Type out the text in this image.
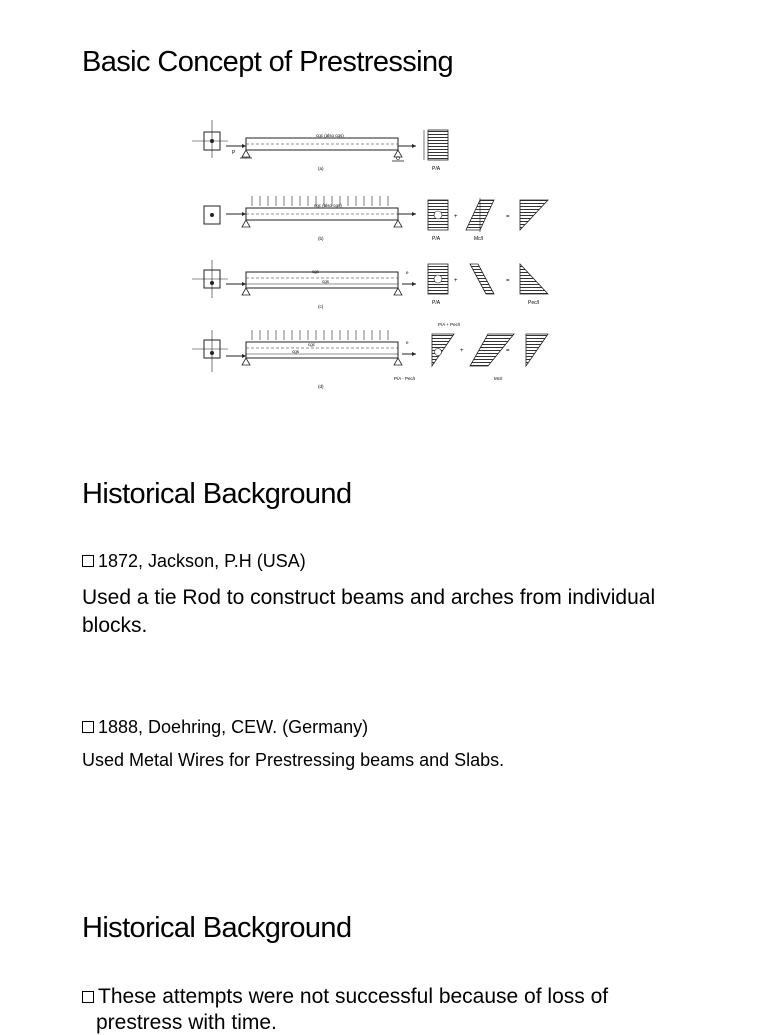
Basic Concept of Prestressing
P
cgc (also cgs)
P/A
(a)
cgc (also cgs)
+	=
P/A	Mc/I
(b)
cgc
cgs
e
+	=
P/A	Pec/I
(c)
cgc
cgs
e
+	=
P/A + Pec/I
P/A - Pec/I	Mc/I
(d)
Historical Background

1872, Jackson, P.H (USA)

Used a tie Rod to construct beams and arches from individual blocks.

1888, Doehring, CEW. (Germany)

Used Metal Wires for Prestressing beams and Slabs.

Historical Background

These attempts were not successful because of loss of

prestress with time.
